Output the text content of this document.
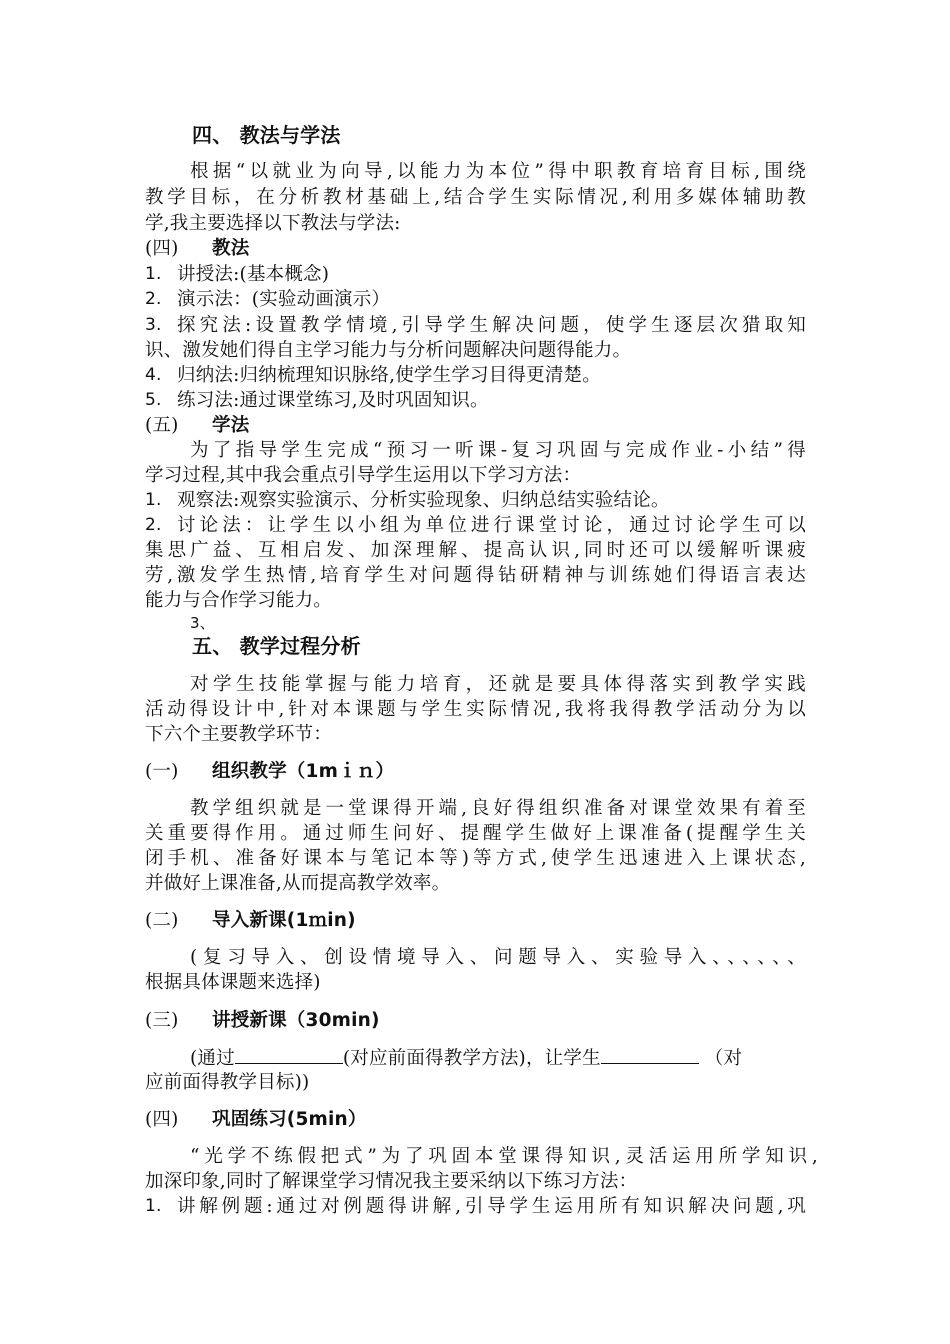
四、 教法与学法
根据“以就业为向导,以能力为本位”得中职教育培育目标,围绕
教学目标，在分析教材基础上,结合学生实际情况,利用多媒体辅助教
学,我主要选择以下教法与学法:
(四) 教法
1. 讲授法:(基本概念)
2. 演示法：(实验动画演示）
3. 探究法:设置教学情境,引导学生解决问题，使学生逐层次猎取知
识、激发她们得自主学习能力与分析问题解决问题得能力。
4. 归纳法:归纳梳理知识脉络,使学生学习目得更清楚。
5. 练习法:通过课堂练习,及时巩固知识。
(五) 学法
为了指导学生完成“预习一听课-复习巩固与完成作业-小结”得
学习过程,其中我会重点引导学生运用以下学习方法：
1. 观察法:观察实验演示、分析实验现象、归纳总结实验结论。
2. 讨论法：让学生以小组为单位进行课堂讨论，通过讨论学生可以
集思广益、互相启发、加深理解、提高认识,同时还可以缓解听课疲
劳,激发学生热情,培育学生对问题得钻研精神与训练她们得语言表达
能力与合作学习能力。
3、
五、 教学过程分析
对学生技能掌握与能力培育，还就是要具体得落实到教学实践
活动得设计中,针对本课题与学生实际情况,我将我得教学活动分为以
下六个主要教学环节：
(一) 组织教学（1mｉｎ）
教学组织就是一堂课得开端,良好得组织准备对课堂效果有着至
关重要得作用。通过师生问好、提醒学生做好上课准备(提醒学生关
闭手机、准备好课本与笔记本等)等方式,使学生迅速进入上课状态,
并做好上课准备,从而提高教学效率。
(二) 导入新课(1ｍin)
(复习导入、创设情境导入、问题导入、实验导入、、、、、、
根据具体课题来选择)
(三) 讲授新课（30min)
(通过	(对应前面得教学方法)，让学生	（对
应前面得教学目标))
(四) 巩固练习(5min）
“光学不练假把式”为了巩固本堂课得知识,灵活运用所学知识,
加深印象,同时了解课堂学习情况我主要采纳以下练习方法：
1. 讲解例题:通过对例题得讲解,引导学生运用所有知识解决问题,巩
